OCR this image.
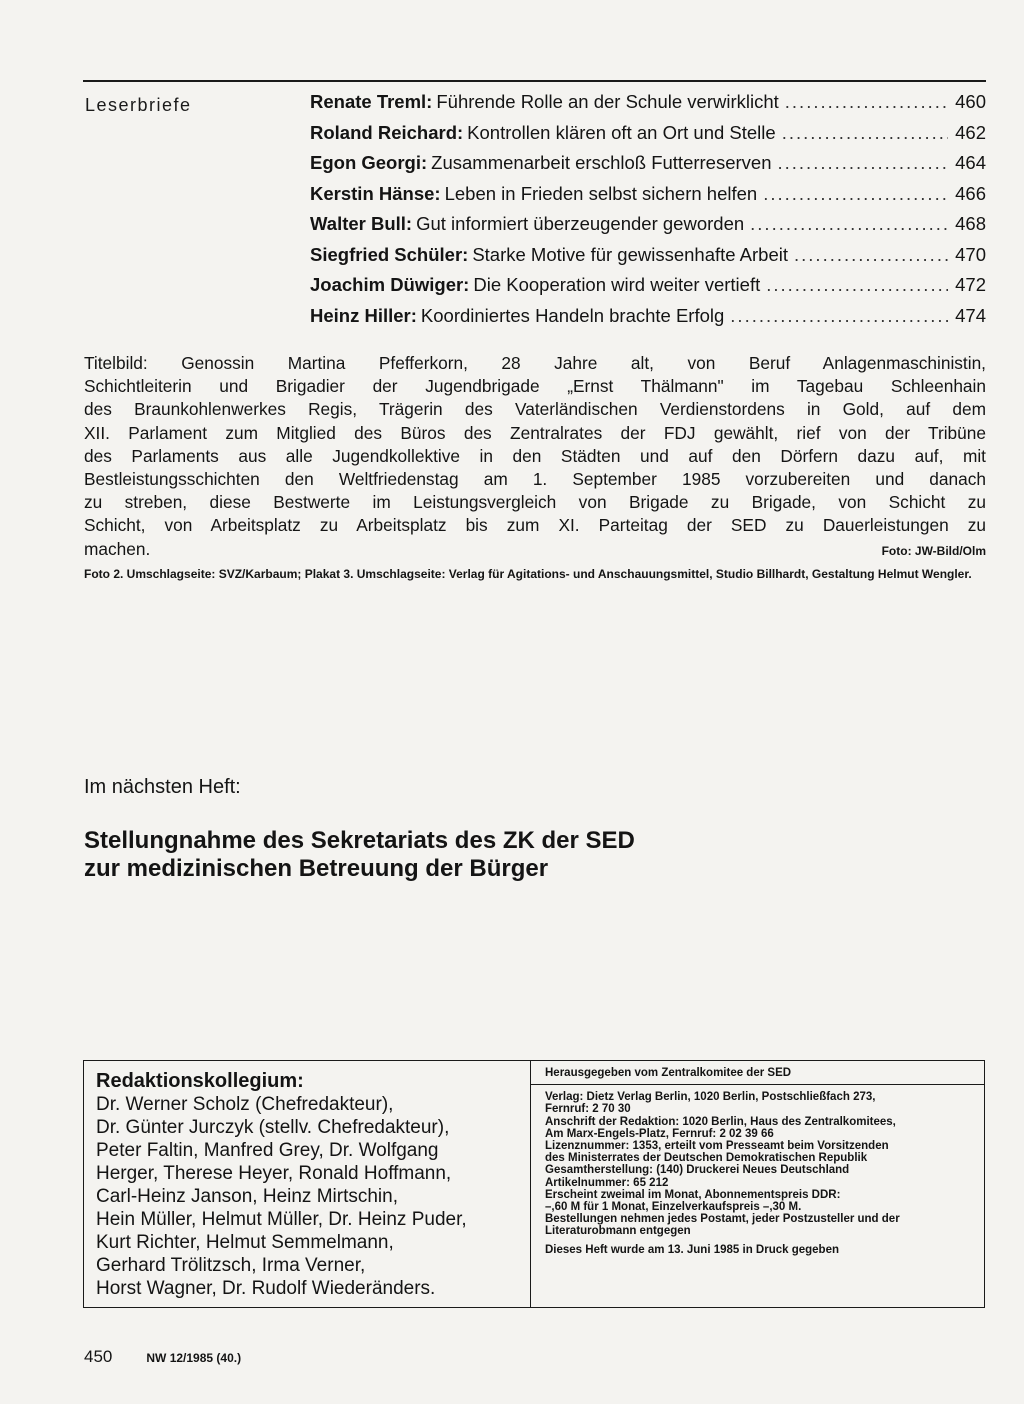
Leserbriefe	Renate Treml: Führende Rolle an der Schule verwirklicht .....	460
Roland Reichard: Kontrollen klären oft an Ort und Stelle .....	462
Egon Georgi: Zusammenarbeit erschloß Futterreserven .....	464
Kerstin Hänse: Leben in Frieden selbst sichern helfen .....	466
Walter Bull: Gut informiert überzeugender geworden .....	468
Siegfried Schüler: Starke Motive für gewissenhafte Arbeit .....	470
Joachim Düwiger: Die Kooperation wird weiter vertieft .....	472
Heinz Hiller: Koordiniertes Handeln brachte Erfolg .....	474
Titelbild: Genossin Martina Pfefferkorn, 28 Jahre alt, von Beruf Anlagenmaschinistin,
Schichtleiterin und Brigadier der Jugendbrigade „Ernst Thälmann" im Tagebau Schleenhain
des Braunkohlenwerkes Regis, Trägerin des Vaterländischen Verdienstordens in Gold, auf dem
XII. Parlament zum Mitglied des Büros des Zentralrates der FDJ gewählt, rief von der Tribüne
des Parlaments aus alle Jugendkollektive in den Städten und auf den Dörfern dazu auf, mit
Bestleistungsschichten den Weltfriedenstag am 1. September 1985 vorzubereiten und danach
zu streben, diese Bestwerte im Leistungsvergleich von Brigade zu Brigade, von Schicht zu
Schicht, von Arbeitsplatz zu Arbeitsplatz bis zum XI. Parteitag der SED zu Dauerleistungen zu
machen.	Foto: JW-Bild/Olm
Foto 2. Umschlagseite: SVZ/Karbaum; Plakat 3. Umschlagseite: Verlag für Agitations- und Anschauungsmittel, Studio Billhardt, Gestaltung Helmut Wengler.
Im nächsten Heft:
Stellungnahme des Sekretariats des ZK der SED
zur medizinischen Betreuung der Bürger
Redaktionskollegium:
Dr. Werner Scholz (Chefredakteur),
Dr. Günter Jurczyk (stellv. Chefredakteur),
Peter Faltin, Manfred Grey, Dr. Wolfgang
Herger, Therese Heyer, Ronald Hoffmann,
Carl-Heinz Janson, Heinz Mirtschin,
Hein Müller, Helmut Müller, Dr. Heinz Puder,
Kurt Richter, Helmut Semmelmann,
Gerhard Trölitzsch, Irma Verner,
Horst Wagner, Dr. Rudolf Wiederänders.
Herausgegeben vom Zentralkomitee der SED
Verlag: Dietz Verlag Berlin, 1020 Berlin, Postschließfach 273,
Fernruf: 2 70 30
Anschrift der Redaktion: 1020 Berlin, Haus des Zentralkomitees,
Am Marx-Engels-Platz, Fernruf: 2 02 39 66
Lizenznummer: 1353, erteilt vom Presseamt beim Vorsitzenden
des Ministerrates der Deutschen Demokratischen Republik
Gesamtherstellung: (140) Druckerei Neues Deutschland
Artikelnummer: 65 212
Erscheint zweimal im Monat, Abonnementspreis DDR:
–,60 M für 1 Monat, Einzelverkaufspreis –,30 M.
Bestellungen nehmen jedes Postamt, jeder Postzusteller und der
Literaturobmann entgegen
Dieses Heft wurde am 13. Juni 1985 in Druck gegeben
450	NW 12/1985 (40.)
